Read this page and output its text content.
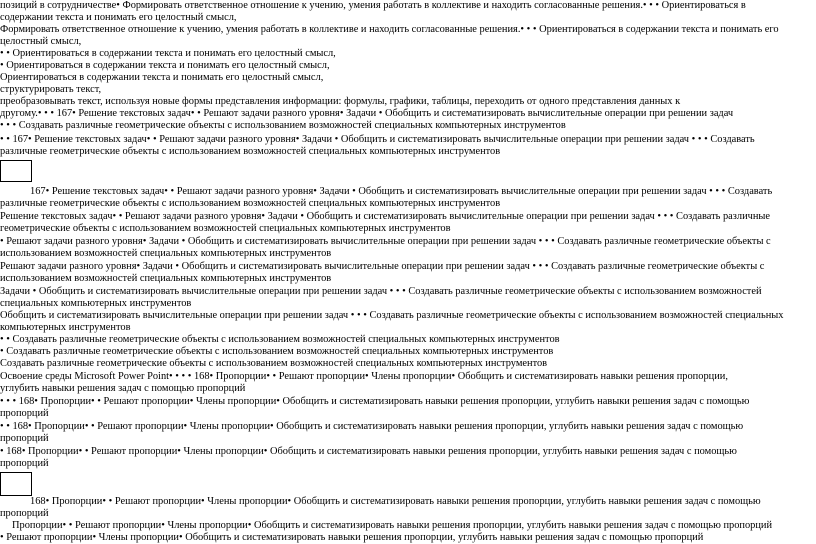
позиций в сотрудничестве• Формировать ответственное отношение к учению, умения работать в коллективе и находить согласованные решения.• • • Ориентироваться в
содержании текста и понимать его целостный смысл,
Формировать ответственное отношение к учению, умения работать в коллективе и находить согласованные решения.• • • Ориентироваться в содержании текста и понимать его
целостный смысл,
• • Ориентироваться в содержании текста и понимать его целостный смысл,
• Ориентироваться в содержании текста и понимать его целостный смысл,
Ориентироваться в содержании текста и понимать его целостный смысл,
структурировать текст,
преобразовывать текст, используя новые формы представления информации: формулы, графики, таблицы, переходить от одного представления данных к
другому.• • • 167• Решение текстовых задач• • Решают задачи разного уровня• Задачи • Обобщить и систематизировать вычислительные операции при решении задач
• • • Создавать различные геометрические объекты с использованием возможностей специальных компьютерных инструментов
• • 167• Решение текстовых задач• • Решают задачи разного уровня• Задачи • Обобщить и систематизировать вычислительные операции при решении задач • • • Создавать
различные геометрические объекты с использованием возможностей специальных компьютерных инструментов
167• Решение текстовых задач• • Решают задачи разного уровня• Задачи • Обобщить и систематизировать вычислительные операции при решении задач • • • Создавать
различные геометрические объекты с использованием возможностей специальных компьютерных инструментов
Решение текстовых задач• • Решают задачи разного уровня• Задачи • Обобщить и систематизировать вычислительные операции при решении задач • • • Создавать различные
геометрические объекты с использованием возможностей специальных компьютерных инструментов
• Решают задачи разного уровня• Задачи • Обобщить и систематизировать вычислительные операции при решении задач • • • Создавать различные геометрические объекты с
использованием возможностей специальных компьютерных инструментов
Решают задачи разного уровня• Задачи • Обобщить и систематизировать вычислительные операции при решении задач • • • Создавать различные геометрические объекты с
использованием возможностей специальных компьютерных инструментов
Задачи • Обобщить и систематизировать вычислительные операции при решении задач • • • Создавать различные геометрические объекты с использованием возможностей
специальных компьютерных инструментов
Обобщить и систематизировать вычислительные операции при решении задач • • • Создавать различные геометрические объекты с использованием возможностей специальных
компьютерных инструментов
• • Создавать различные геометрические объекты с использованием возможностей специальных компьютерных инструментов
• Создавать различные геометрические объекты с использованием возможностей специальных компьютерных инструментов
Создавать различные геометрические объекты с использованием возможностей специальных компьютерных инструментов
Освоение среды Microsoft Power Point• • • • 168• Пропорции• • Решают пропорции• Члены пропорции• Обобщить и систематизировать навыки решения пропорции,
углубить навыки решения задач с помощью пропорций
• • • 168• Пропорции• • Решают пропорции• Члены пропорции• Обобщить и систематизировать навыки решения пропорции, углубить навыки решения задач с помощью
пропорций
• • 168• Пропорции• • Решают пропорции• Члены пропорции• Обобщить и систематизировать навыки решения пропорции, углубить навыки решения задач с помощью
пропорций
• 168• Пропорции• • Решают пропорции• Члены пропорции• Обобщить и систематизировать навыки решения пропорции, углубить навыки решения задач с помощью
пропорций
168• Пропорции• • Решают пропорции• Члены пропорции• Обобщить и систематизировать навыки решения пропорции, углубить навыки решения задач с помощью
пропорций
Пропорции• • Решают пропорции• Члены пропорции• Обобщить и систематизировать навыки решения пропорции, углубить навыки решения задач с помощью пропорций
• Решают пропорции• Члены пропорции• Обобщить и систематизировать навыки решения пропорции, углубить навыки решения задач с помощью пропорций
